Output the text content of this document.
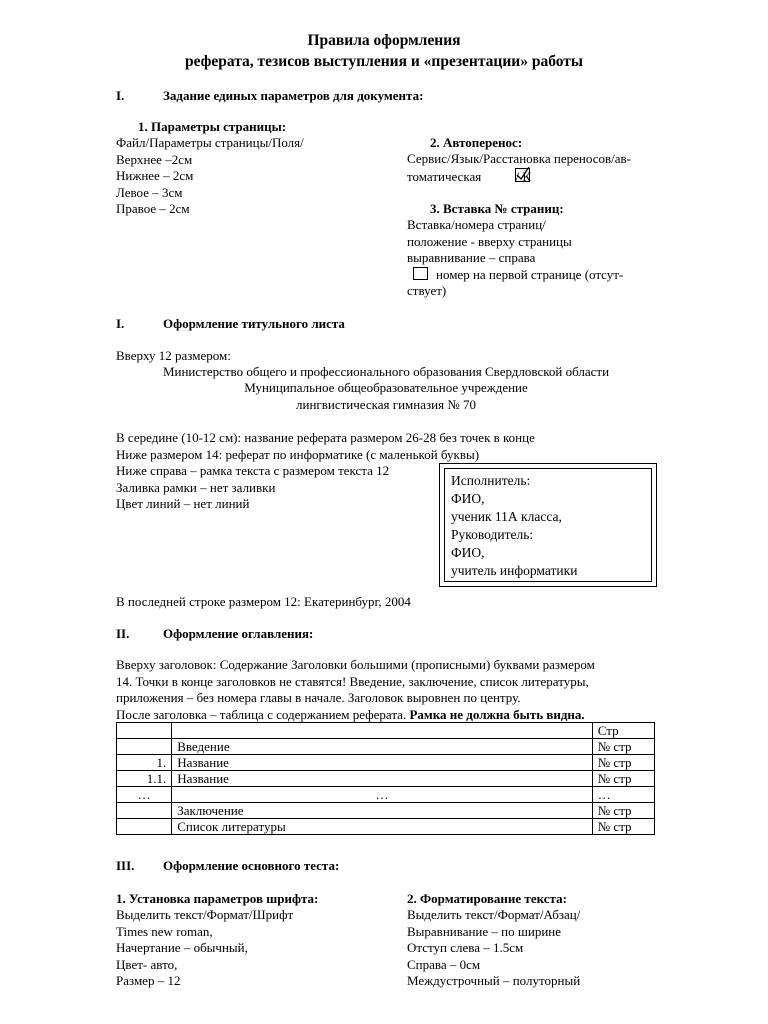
Правила оформления
реферата, тезисов выступления и «презентации» работы
I.	Задание единых параметров для документа:
1. Параметры страницы:
Файл/Параметры страницы/Поля/
Верхнее –2см
Нижнее – 2см
Левое – 3см
Правое – 2см
2. Автоперенос:
Сервис/Язык/Расстановка переносов/ав-
томатическая	/ К
3. Вставка № страниц:
Вставка/номера страниц/
положение - вверху страницы
выравнивание – справа
номер на первой странице (отсут-
ствует)
I.	Оформление титульного листа
Вверху 12 размером:
Министерство общего и профессионального образования Свердловской области
Муниципальное общеобразовательное учреждение
лингвистическая гимназия № 70
В середине (10-12 см): название реферата размером 26-28 без точек в конце
Ниже размером 14: реферат по информатике (с маленькой буквы)
Ниже справа – рамка текста с размером текста 12
Заливка рамки – нет заливки
Цвет линий – нет линий
Исполнитель:
ФИО,
ученик 11А класса,
Руководитель:
ФИО,
учитель информатики
В последней строке размером 12: Екатеринбург, 2004
II.	Оформление оглавления:
Вверху заголовок: Содержание Заголовки большими (прописными) буквами размером
14. Точки в конце заголовков не ставятся! Введение, заключение, список литературы,
приложения – без номера главы в начале. Заголовок выровнен по центру.
После заголовка – таблица с содержанием реферата. Рамка не должна быть видна.
		Стр
	Введение	№ стр
1.	Название	№ стр
1.1.	Название	№ стр
…	…	…
	Заключение	№ стр
	Список литературы	№ стр
III. Оформление основного теста:
1. Установка параметров шрифта:
Выделить текст/Формат/Шрифт
Times new roman,
Начертание – обычный,
Цвет- авто,
Размер – 12
2. Форматирование текста:
Выделить текст/Формат/Абзац/
Выравнивание – по ширине
Отступ слева – 1.5см
Справа – 0см
Междустрочный – полуторный
